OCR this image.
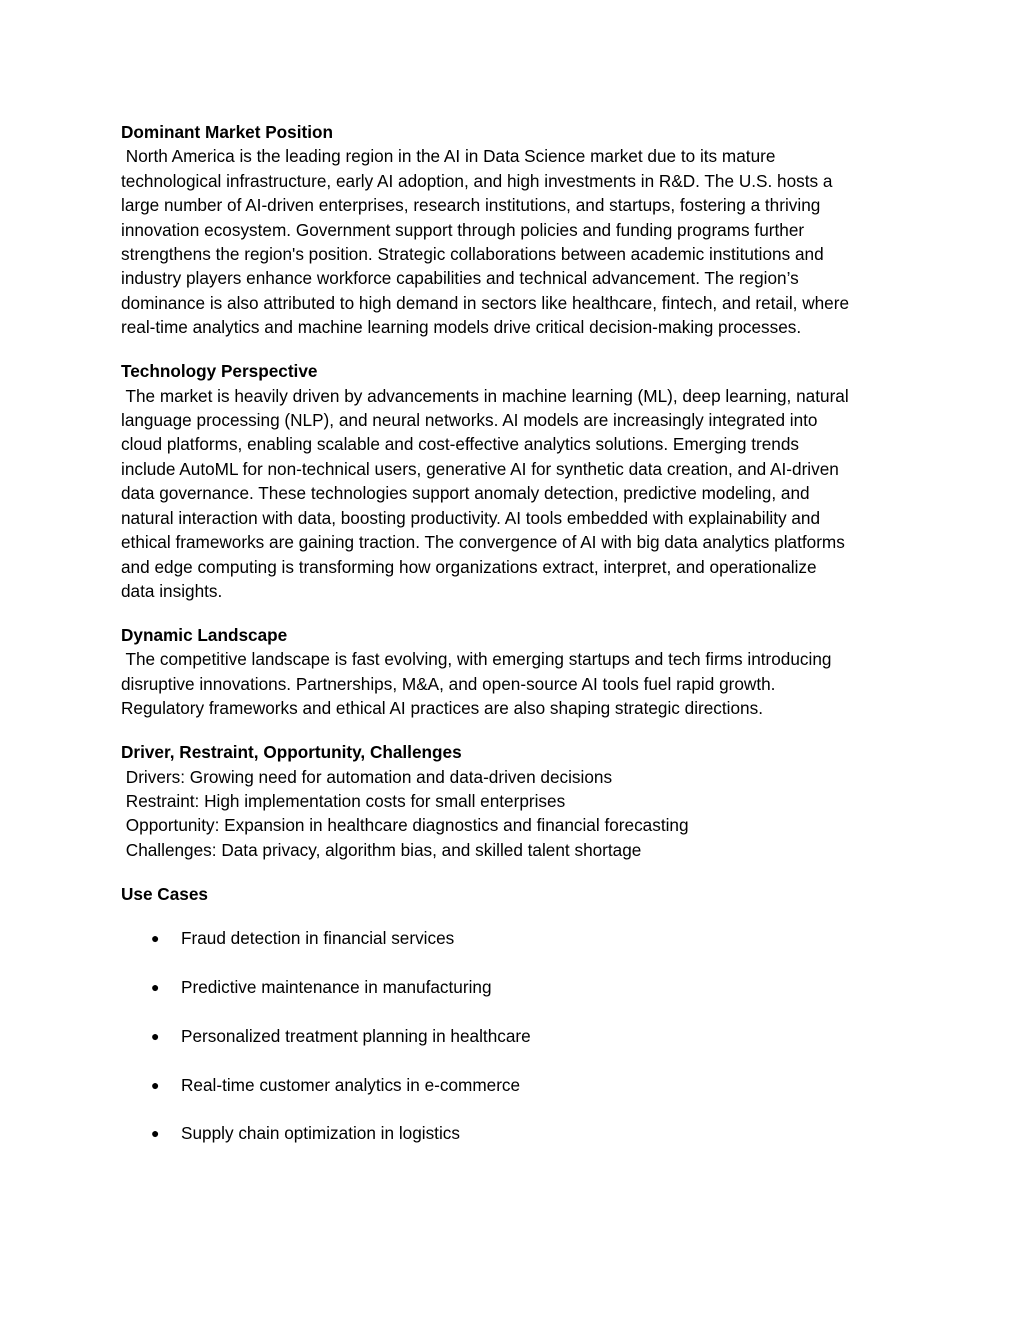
Dominant Market Position
North America is the leading region in the AI in Data Science market due to its mature
technological infrastructure, early AI adoption, and high investments in R&D. The U.S. hosts a
large number of AI-driven enterprises, research institutions, and startups, fostering a thriving
innovation ecosystem. Government support through policies and funding programs further
strengthens the region's position. Strategic collaborations between academic institutions and
industry players enhance workforce capabilities and technical advancement. The region’s
dominance is also attributed to high demand in sectors like healthcare, fintech, and retail, where
real-time analytics and machine learning models drive critical decision-making processes.
Technology Perspective
The market is heavily driven by advancements in machine learning (ML), deep learning, natural
language processing (NLP), and neural networks. AI models are increasingly integrated into
cloud platforms, enabling scalable and cost-effective analytics solutions. Emerging trends
include AutoML for non-technical users, generative AI for synthetic data creation, and AI-driven
data governance. These technologies support anomaly detection, predictive modeling, and
natural interaction with data, boosting productivity. AI tools embedded with explainability and
ethical frameworks are gaining traction. The convergence of AI with big data analytics platforms
and edge computing is transforming how organizations extract, interpret, and operationalize
data insights.
Dynamic Landscape
The competitive landscape is fast evolving, with emerging startups and tech firms introducing
disruptive innovations. Partnerships, M&A, and open-source AI tools fuel rapid growth.
Regulatory frameworks and ethical AI practices are also shaping strategic directions.
Driver, Restraint, Opportunity, Challenges
Drivers: Growing need for automation and data-driven decisions
Restraint: High implementation costs for small enterprises
Opportunity: Expansion in healthcare diagnostics and financial forecasting
Challenges: Data privacy, algorithm bias, and skilled talent shortage
Use Cases
● Fraud detection in financial services
● Predictive maintenance in manufacturing
● Personalized treatment planning in healthcare
● Real-time customer analytics in e-commerce
● Supply chain optimization in logistics
